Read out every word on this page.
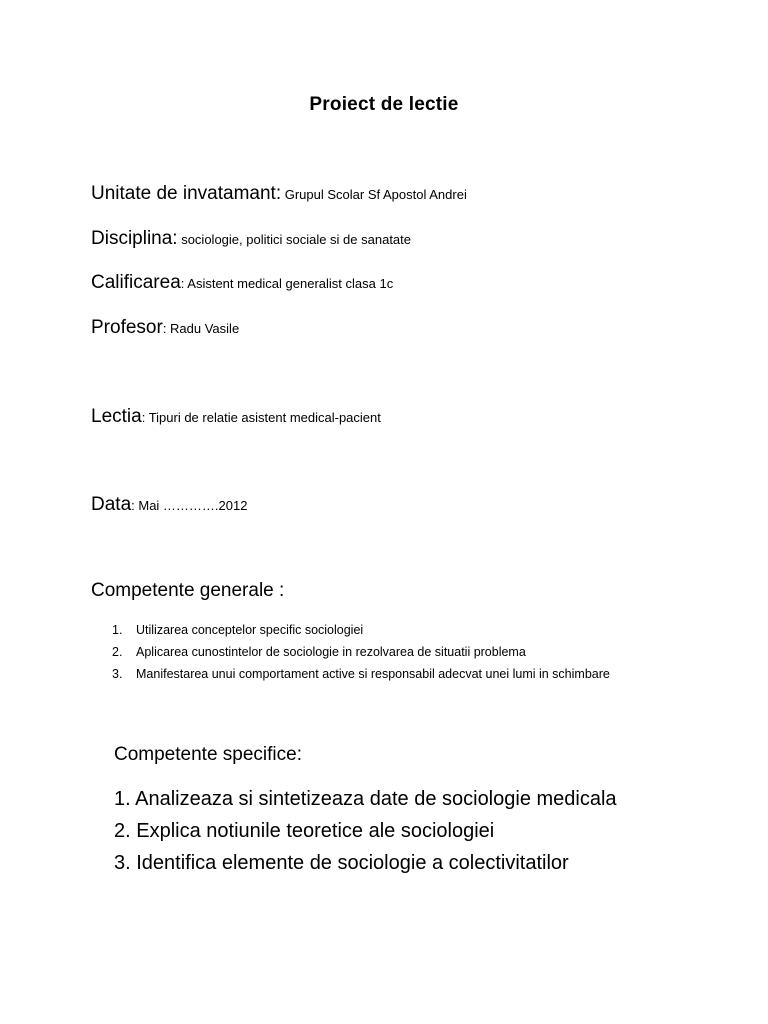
Proiect de lectie
Unitate de invatamant: Grupul Scolar Sf Apostol Andrei
Disciplina: sociologie, politici sociale si de sanatate
Calificarea: Asistent medical generalist clasa 1c
Profesor: Radu Vasile
Lectia: Tipuri de relatie asistent medical-pacient
Data: Mai ………….2012
Competente generale :
1. Utilizarea conceptelor specific sociologiei
2. Aplicarea cunostintelor de sociologie in rezolvarea de situatii problema
3. Manifestarea unui comportament active si responsabil adecvat unei lumi in schimbare
Competente specifice:
1. Analizeaza si sintetizeaza date de sociologie medicala
2. Explica notiunile teoretice ale sociologiei
3. Identifica elemente de sociologie a colectivitatilor
